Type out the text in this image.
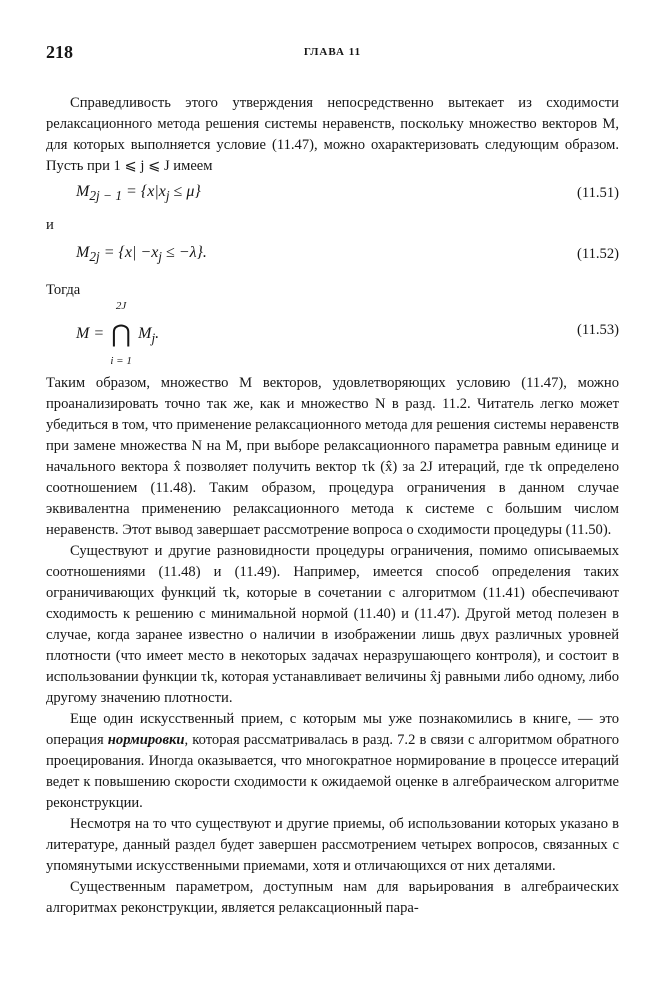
218	ГЛАВА 11

Справедливость этого утверждения непосредственно вытекает из сходимости релаксационного метода решения системы неравенств, поскольку множество векторов M, для которых выполняется условие (11.47), можно охарактеризовать следующим образом. Пусть при 1 ⩽ j ⩽ J имеем

$M_{2j - 1} = \{x|x_j \le \mu\}$	(11.51)
и
$M_{2j} = \{x| -x_j \le -\lambda\}$.	(11.52)
Тогда
M =
2J
⋂
i = 1
$M_j$.	(11.53)

Таким образом, множество M векторов, удовлетворяющих условию (11.47), можно проанализировать точно так же, как и множество N в разд. 11.2. Читатель легко может убедиться в том, что применение релаксационного метода для решения системы неравенств при замене множества N на M, при выборе релаксационного параметра равным единице и начального вектора x̂ позволяет получить вектор τk (x̂) за 2J итераций, где τk определено соотношением (11.48). Таким образом, процедура ограничения в данном случае эквивалентна применению релаксационного метода к системе с большим числом неравенств. Этот вывод завершает рассмотрение вопроса о сходимости процедуры (11.50).

Существуют и другие разновидности процедуры ограничения, помимо описываемых соотношениями (11.48) и (11.49). Например, имеется способ определения таких ограничивающих функций τk, которые в сочетании с алгоритмом (11.41) обеспечивают сходимость к решению с минимальной нормой (11.40) и (11.47). Другой метод полезен в случае, когда заранее известно о наличии в изображении лишь двух различных уровней плотности (что имеет место в некоторых задачах неразрушающего контроля), и состоит в использовании функции τk, которая устанавливает величины x̂j равными либо одному, либо другому значению плотности.

Еще один искусственный прием, с которым мы уже познакомились в книге, — это операция нормировки, которая рассматривалась в разд. 7.2 в связи с алгоритмом обратного проецирования. Иногда оказывается, что многократное нормирование в процессе итераций ведет к повышению скорости сходимости к ожидаемой оценке в алгебраическом алгоритме реконструкции.

Несмотря на то что существуют и другие приемы, об использовании которых указано в литературе, данный раздел будет завершен рассмотрением четырех вопросов, связанных с упомянутыми искусственными приемами, хотя и отличающихся от них деталями.

Существенным параметром, доступным нам для варьирования в алгебраических алгоритмах реконструкции, является релаксационный пара-
